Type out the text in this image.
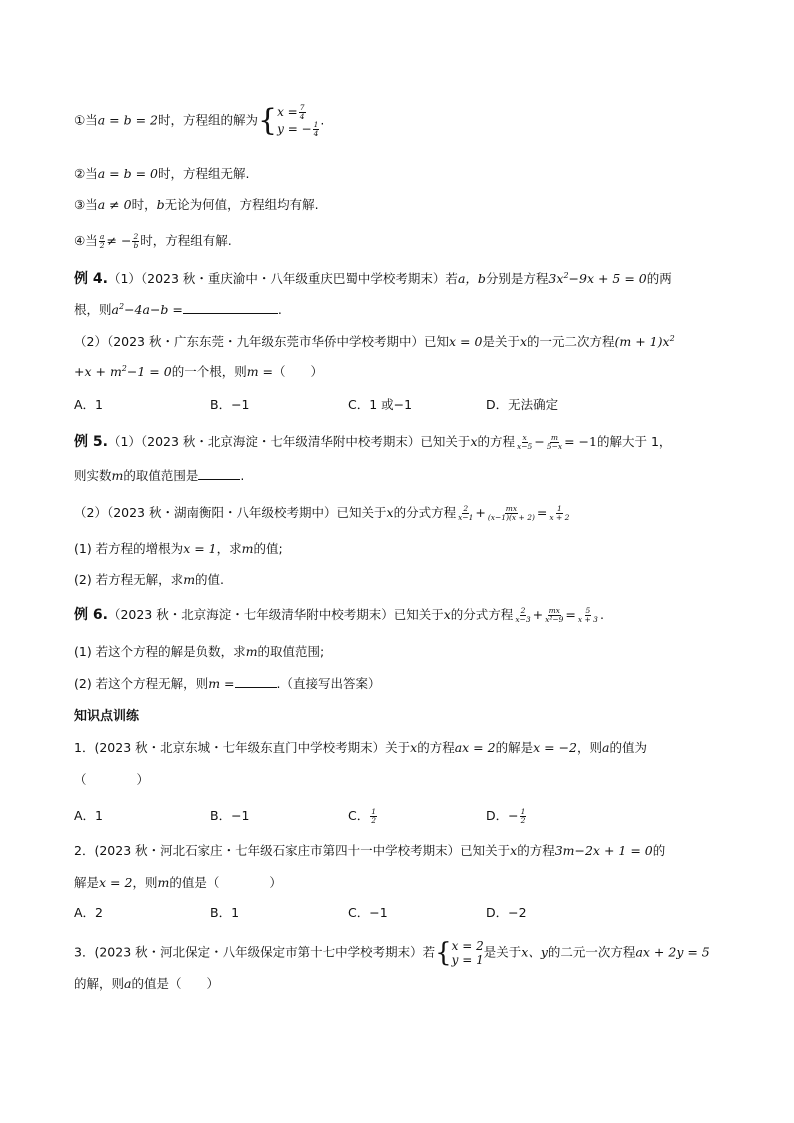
①当a = b = 2时，方程组的解为{ $x = \frac{7}{4}$
y = − $\frac{1}{4}$
.
②当a = b = 0时，方程组无解.
③当a ≠ 0时，b无论为何值，方程组均有解.
④当 $\frac{a}{2}$ ≠ − $\frac{2}{b}$ 时，方程组有解.
例 4.（1）（2023 秋・重庆渝中・八年级重庆巴蜀中学校考期末）若a，b分别是方程$3x^2-9x + 5 = 0$的两
根，则$a^2-4a-b$ =	.
（2）（2023 秋・广东东莞・九年级东莞市华侨中学校考期中）已知x = 0是关于x的一元二次方程$(m + 1)x^2$
$+x + m^2-1 = 0$的一个根，则m =（　　）
A．1	B．−1	C．1 或−1	D．无法确定
例 5.（1）（2023 秋・北京海淀・七年级清华附中校考期末）已知关于x的方程 $\frac{x}{x-5} - \frac{m}{5-x} = -1$的解大于 1，
则实数m的取值范围是	.
（2）（2023 秋・湖南衡阳・八年级校考期中）已知关于x的分式方程 $\frac{2}{x-1} + \frac{mx}{(x-1)(x + 2)} = \frac{1}{x + 2}$
(1) 若方程的增根为x = 1，求m的值;
(2) 若方程无解，求m的值.
例 6.（2023 秋・北京海淀・七年级清华附中校考期末）已知关于x的分式方程 $\frac{2}{x-3} + \frac{mx}{\text{x²−9}} = \frac{5}{x + 3}$ .
(1) 若这个方程的解是负数，求m的取值范围;
(2) 若这个方程无解，则m =	.（直接写出答案）
知识点训练
1．(2023 秋・北京东城・七年级东直门中学校考期末）关于x的方程ax = 2的解是x = −2，则a的值为
（　　　　）
A．1	B．−1	C． $\frac{1}{2}$	D．− $\frac{1}{2}$
2．(2023 秋・河北石家庄・七年级石家庄市第四十一中学校考期末）已知关于x的方程3m−2x + 1 = 0的
解是x = 2，则m的值是（　　　　）
A．2	B．1	C．−1	D．−2
3．(2023 秋・河北保定・八年级保定市第十七中学校考期末）若{ x = 2
y = 1
是关于x、y的二元一次方程ax + 2y = 5
的解，则a的值是（　　）
